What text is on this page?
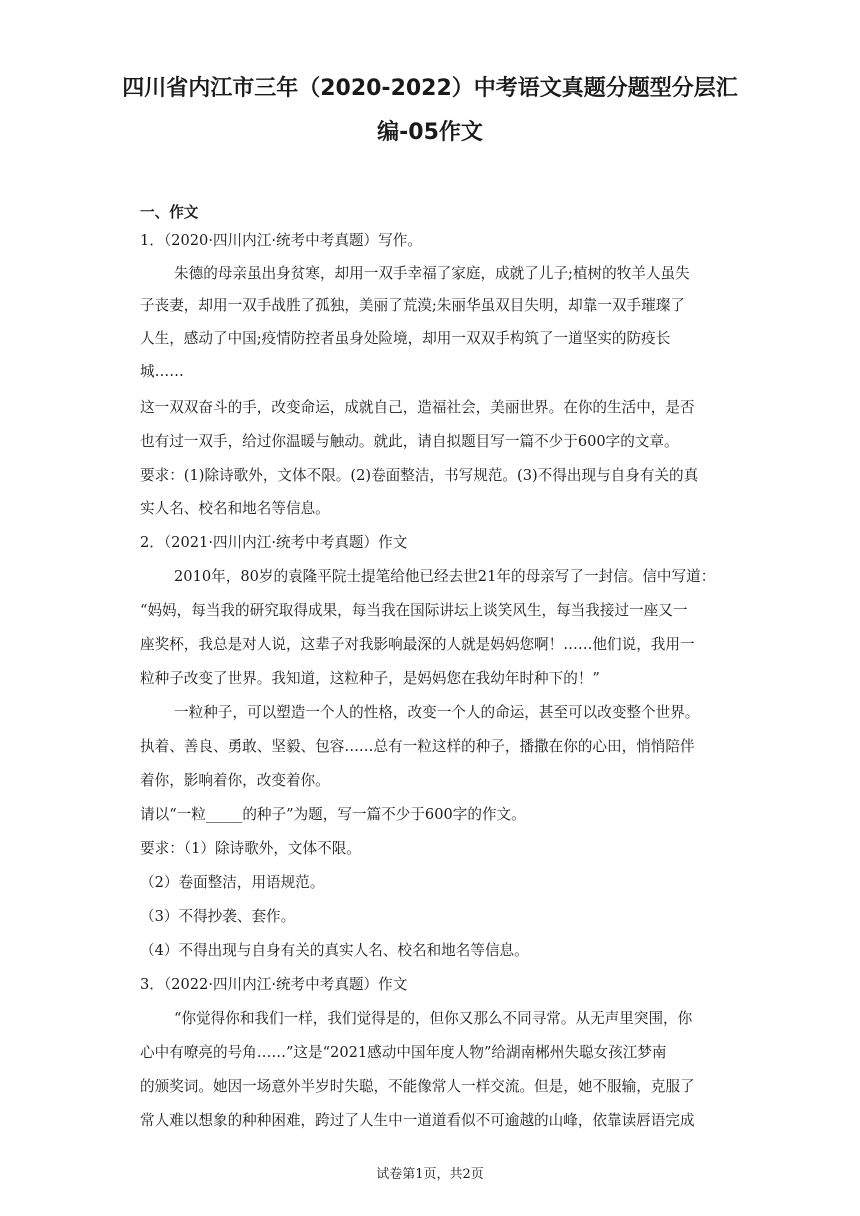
四川省内江市三年（2020-2022）中考语文真题分题型分层汇
编-05作文

一、作文

1．（2020·四川内江·统考中考真题）写作。

朱德的母亲虽出身贫寒，却用一双手幸福了家庭，成就了儿子;植树的牧羊人虽失

子丧妻，却用一双手战胜了孤独，美丽了荒漠;朱丽华虽双目失明，却靠一双手璀璨了

人生，感动了中国;疫情防控者虽身处险境，却用一双双手构筑了一道坚实的防疫长

城……

这一双双奋斗的手，改变命运，成就自己，造福社会，美丽世界。在你的生活中，是否

也有过一双手，给过你温暖与触动。就此，请自拟题目写一篇不少于600字的文章。

要求：(1)除诗歌外，文体不限。(2)卷面整洁，书写规范。(3)不得出现与自身有关的真

实人名、校名和地名等信息。

2．（2021·四川内江·统考中考真题）作文

2010年，80岁的袁隆平院士提笔给他已经去世21年的母亲写了一封信。信中写道：

“妈妈，每当我的研究取得成果，每当我在国际讲坛上谈笑风生，每当我接过一座又一

座奖杯，我总是对人说，这辈子对我影响最深的人就是妈妈您啊！……他们说，我用一

粒种子改变了世界。我知道，这粒种子，是妈妈您在我幼年时种下的！”

一粒种子，可以塑造一个人的性格，改变一个人的命运，甚至可以改变整个世界。

执着、善良、勇敢、坚毅、包容……总有一粒这样的种子，播撒在你的心田，悄悄陪伴

着你，影响着你，改变着你。

请以“一粒_____的种子”为题，写一篇不少于600字的作文。

要求：（1）除诗歌外，文体不限。

（2）卷面整洁，用语规范。

（3）不得抄袭、套作。

（4）不得出现与自身有关的真实人名、校名和地名等信息。

3．（2022·四川内江·统考中考真题）作文

“你觉得你和我们一样，我们觉得是的，但你又那么不同寻常。从无声里突围，你

心中有嘹亮的号角……”这是“2021感动中国年度人物”给湖南郴州失聪女孩江梦南

的颁奖词。她因一场意外半岁时失聪，不能像常人一样交流。但是，她不服输，克服了

常人难以想象的种种困难，跨过了人生中一道道看似不可逾越的山峰，依靠读唇语完成

试卷第1页，共2页
